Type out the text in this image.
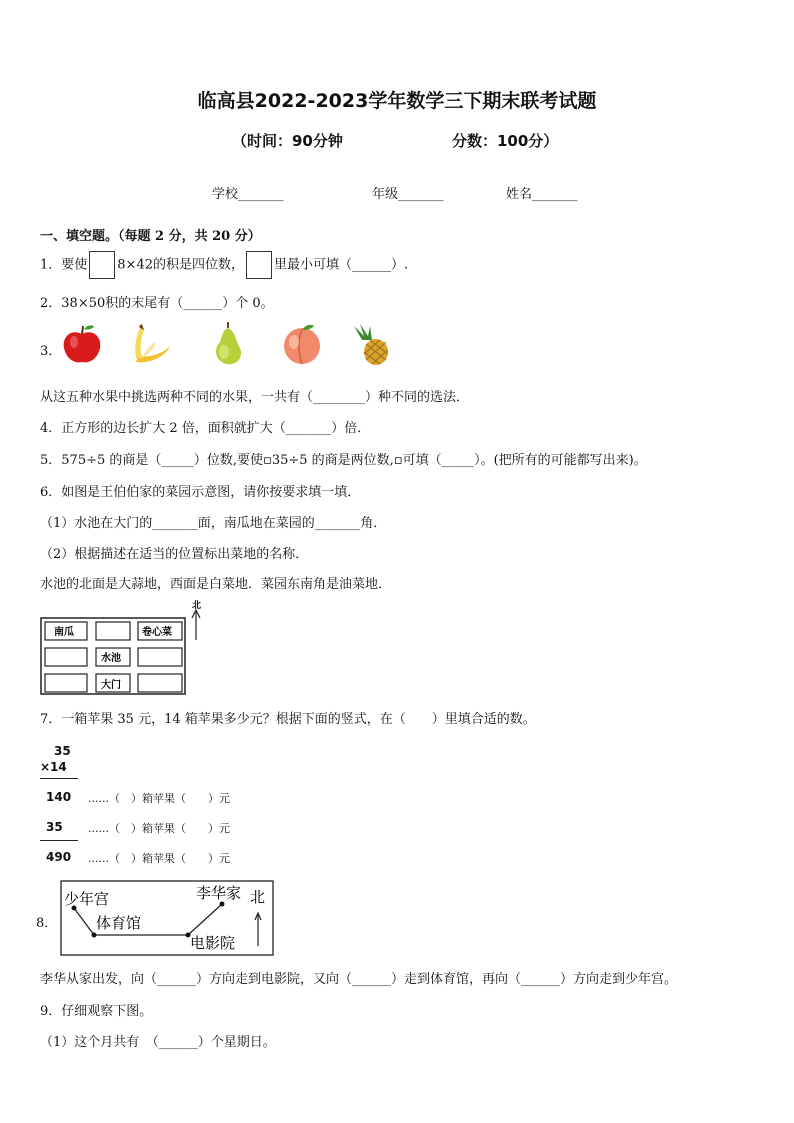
临高县2022-2023学年数学三下期末联考试题
（时间：90分钟	分数：100分）
学校_______	年级_______	姓名_______
一、填空题。（每题 2 分，共 20 分）
1．要使 8×42的积是四位数， 里最小可填（______）.
2．38×50积的末尾有（______）个 0。
3．
从这五种水果中挑选两种不同的水果，一共有（________）种不同的选法．
4．正方形的边长扩大 2 倍，面积就扩大（_______）倍．
5．575÷5 的商是（_____）位数,要使▫35÷5 的商是两位数,▫可填（_____）。(把所有的可能都写出来)。
6．如图是王伯伯家的菜园示意图，请你按要求填一填．
（1）水池在大门的_______面，南瓜地在菜园的_______角．
（2）根据描述在适当的位置标出菜地的名称．
水池的北面是大蒜地，西面是白菜地．菜园东南角是油菜地．
北
南瓜	卷心菜
水池
大门
7．一箱苹果 35 元，14 箱苹果多少元？根据下面的竖式，在（　　）里填合适的数。
35
×14
140 ......（　）箱苹果（　　）元
35 ......（　）箱苹果（　　）元
490 ......（　）箱苹果（　　）元
8．
少年宫
体育馆
李华家
电影院
北
李华从家出发，向（______）方向走到电影院，又向（______）走到体育馆，再向（______）方向走到少年宫。
9．仔细观察下图。
（1）这个月共有　（______）个星期日。
